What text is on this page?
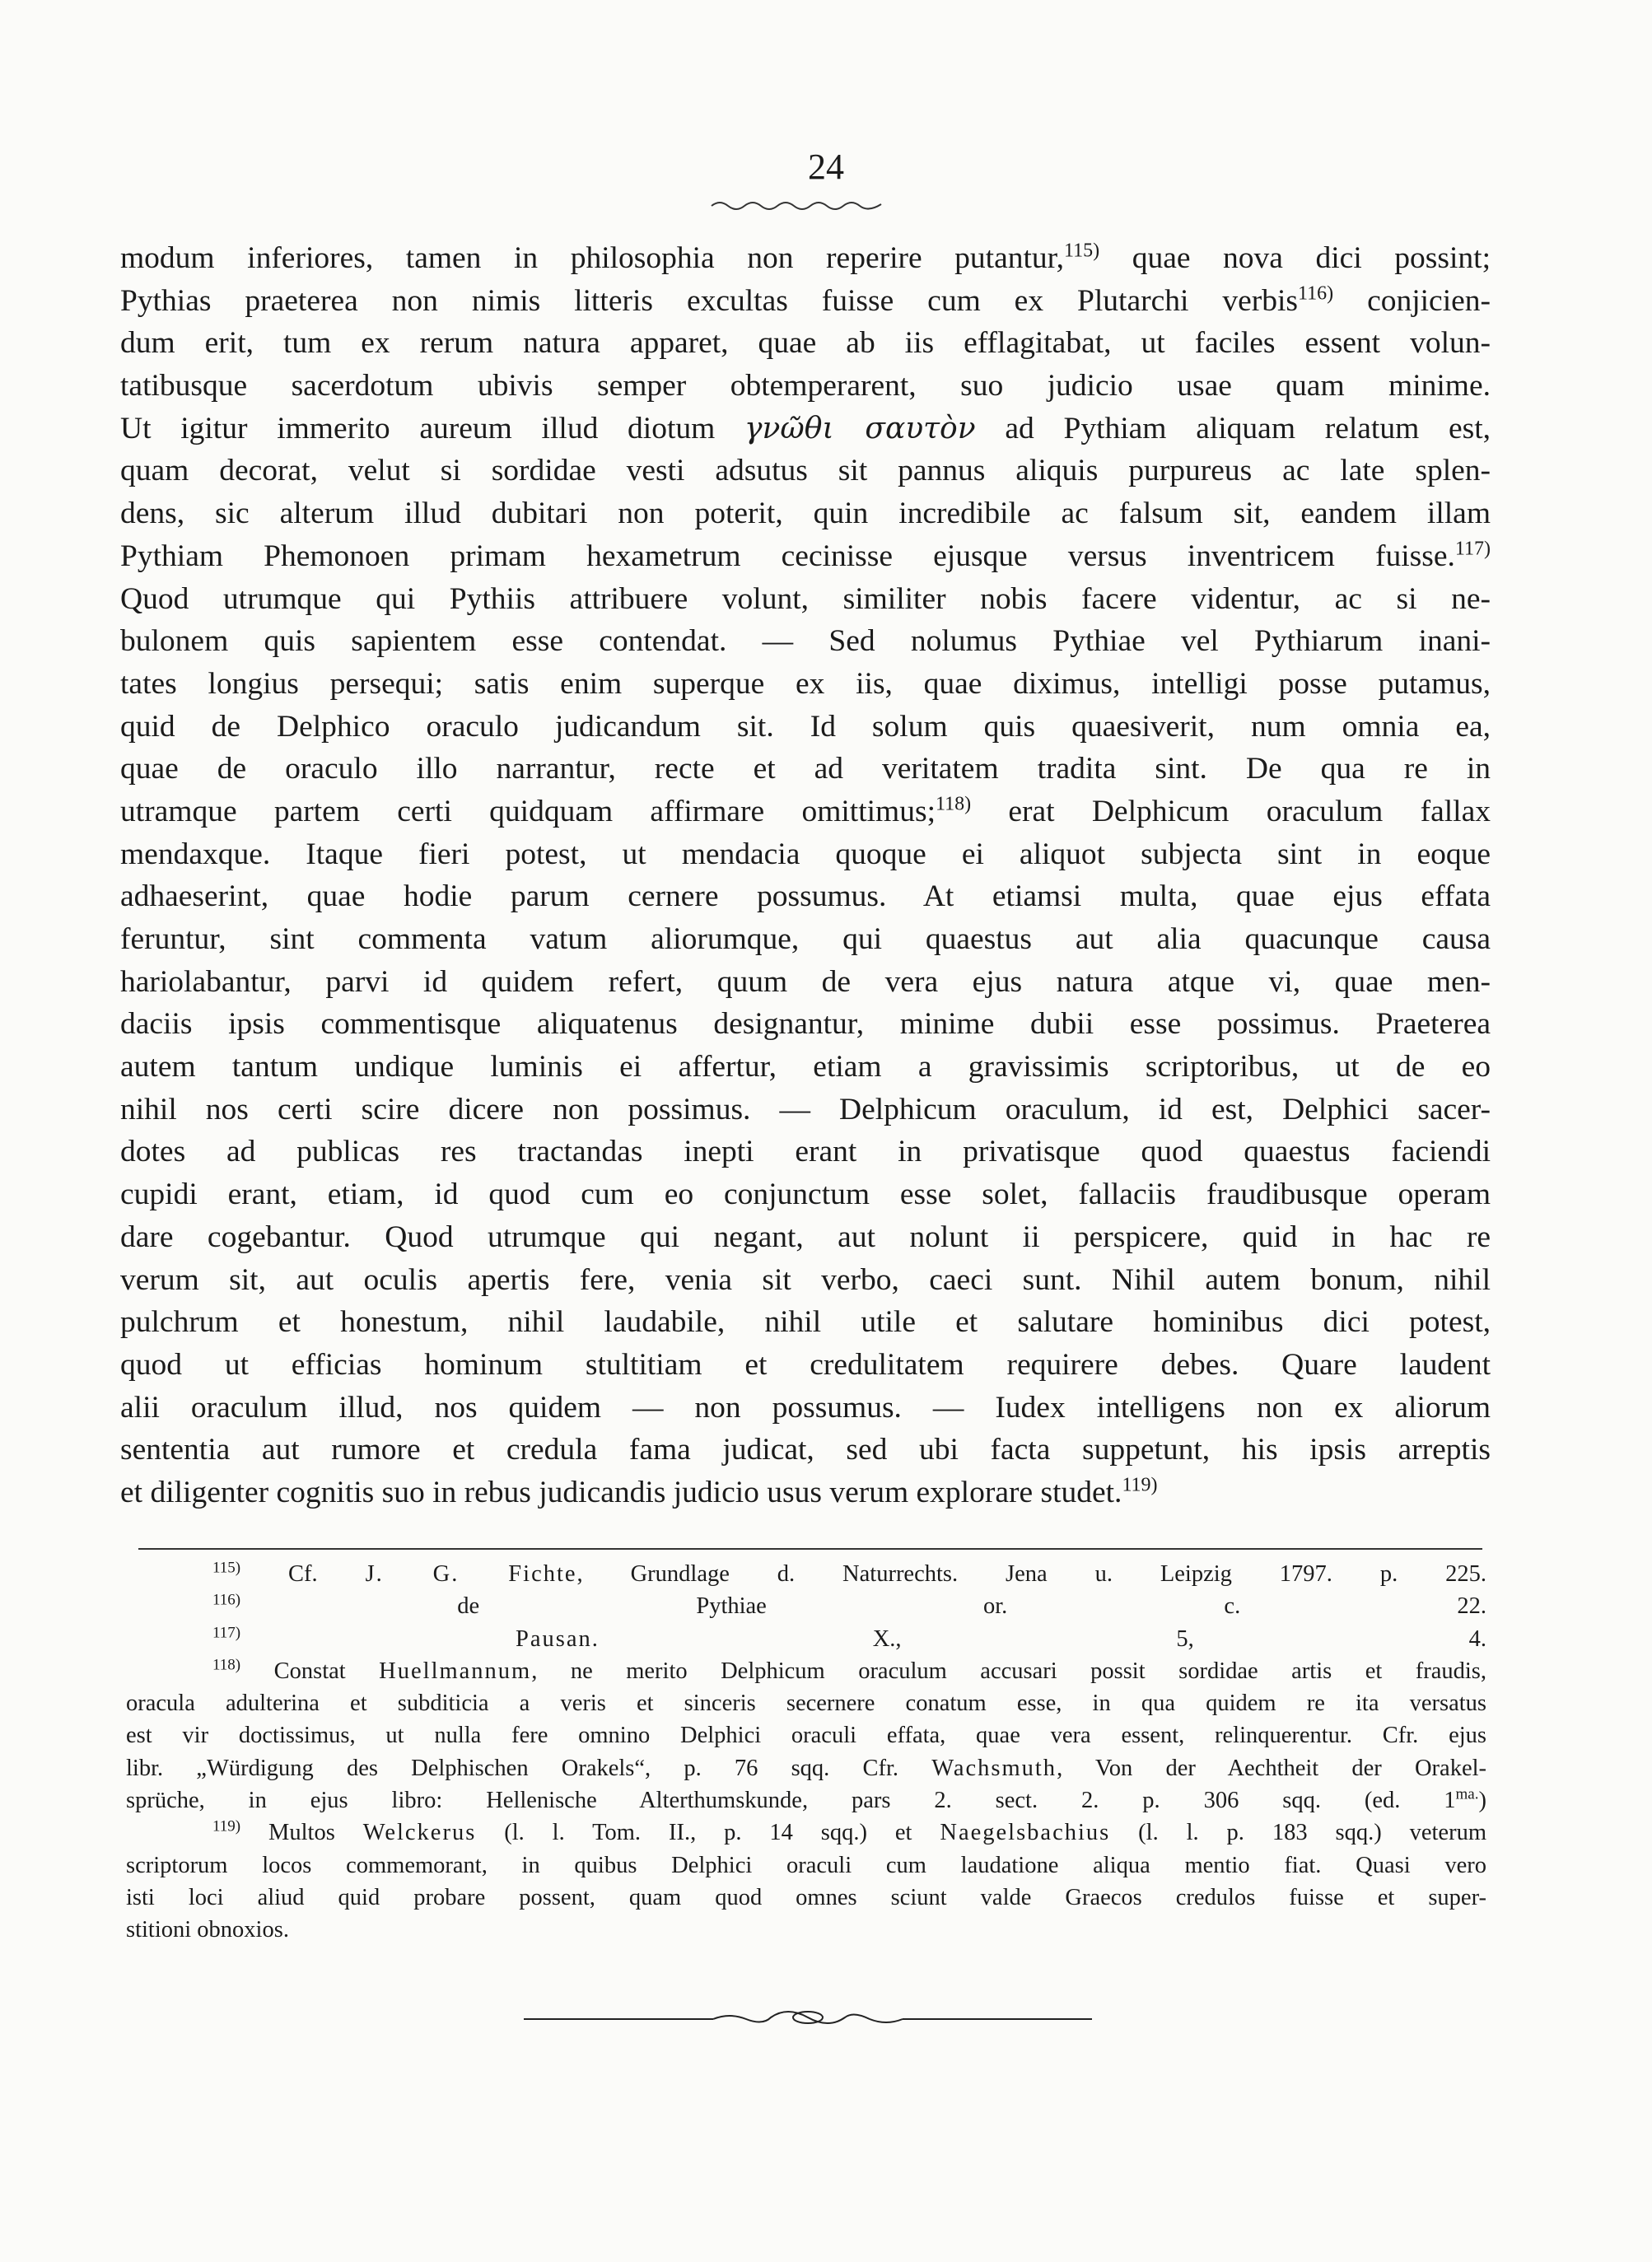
24
modum inferiores, tamen in philosophia non reperire putantur,$^{115)}$ quae nova dici possint;
Pythias praeterea non nimis litteris excultas fuisse cum ex Plutarchi verbis$^{116)}$ conjicien-
dum erit, tum ex rerum natura apparet, quae ab iis efflagitabat, ut faciles essent volun-
tatibusque sacerdotum ubivis semper obtemperarent, suo judicio usae quam minime.
Ut igitur immerito aureum illud diotum γνῶθι σαυτὸν ad Pythiam aliquam relatum est,
quam decorat, velut si sordidae vesti adsutus sit pannus aliquis purpureus ac late splen-
dens, sic alterum illud dubitari non poterit, quin incredibile ac falsum sit, eandem illam
Pythiam Phemonoen primam hexametrum cecinisse ejusque versus inventricem fuisse.$^{117)}$
Quod utrumque qui Pythiis attribuere volunt, similiter nobis facere videntur, ac si ne-
bulonem quis sapientem esse contendat. — Sed nolumus Pythiae vel Pythiarum inani-
tates longius persequi; satis enim superque ex iis, quae diximus, intelligi posse putamus,
quid de Delphico oraculo judicandum sit. Id solum quis quaesiverit, num omnia ea,
quae de oraculo illo narrantur, recte et ad veritatem tradita sint. De qua re in
utramque partem certi quidquam affirmare omittimus;$^{118)}$ erat Delphicum oraculum fallax
mendaxque. Itaque fieri potest, ut mendacia quoque ei aliquot subjecta sint in eoque
adhaeserint, quae hodie parum cernere possumus. At etiamsi multa, quae ejus effata
feruntur, sint commenta vatum aliorumque, qui quaestus aut alia quacunque causa
hariolabantur, parvi id quidem refert, quum de vera ejus natura atque vi, quae men-
daciis ipsis commentisque aliquatenus designantur, minime dubii esse possimus. Praeterea
autem tantum undique luminis ei affertur, etiam a gravissimis scriptoribus, ut de eo
nihil nos certi scire dicere non possimus. — Delphicum oraculum, id est, Delphici sacer-
dotes ad publicas res tractandas inepti erant in privatisque quod quaestus faciendi
cupidi erant, etiam, id quod cum eo conjunctum esse solet, fallaciis fraudibusque operam
dare cogebantur. Quod utrumque qui negant, aut nolunt ii perspicere, quid in hac re
verum sit, aut oculis apertis fere, venia sit verbo, caeci sunt. Nihil autem bonum, nihil
pulchrum et honestum, nihil laudabile, nihil utile et salutare hominibus dici potest,
quod ut efficias hominum stultitiam et credulitatem requirere debes. Quare laudent
alii oraculum illud, nos quidem — non possumus. — Iudex intelligens non ex aliorum
sententia aut rumore et credula fama judicat, sed ubi facta suppetunt, his ipsis arreptis
et diligenter cognitis suo in rebus judicandis judicio usus verum explorare studet.$^{119)}$
$^{115)}$ Cf. J. G. Fichte, Grundlage d. Naturrechts. Jena u. Leipzig 1797. p. 225.
$^{116)}$ de Pythiae or. c. 22.
$^{117)}$	Pausan. X., 5, 4.
$^{118)}$ Constat Huellmannum, ne merito Delphicum oraculum accusari possit sordidae artis et fraudis,
oracula adulterina et subditicia a veris et sinceris secernere conatum esse, in qua quidem re ita versatus
est vir doctissimus, ut nulla fere omnino Delphici oraculi effata, quae vera essent, relinquerentur. Cfr. ejus
libr. „Würdigung des Delphischen Orakels“, p. 76 sqq. Cfr. Wachsmuth, Von der Aechtheit der Orakel-
sprüche, in ejus libro: Hellenische Alterthumskunde, pars 2. sect. 2. p. 306 sqq. (ed. 1$^{ma.}$)
$^{119)}$ Multos Welckerus (l. l. Tom. II., p. 14 sqq.) et Naegelsbachius (l. l. p. 183 sqq.) veterum
scriptorum locos commemorant, in quibus Delphici oraculi cum laudatione aliqua mentio fiat. Quasi vero
isti loci aliud quid probare possent, quam quod omnes sciunt valde Graecos credulos fuisse et super-
stitioni obnoxios.
